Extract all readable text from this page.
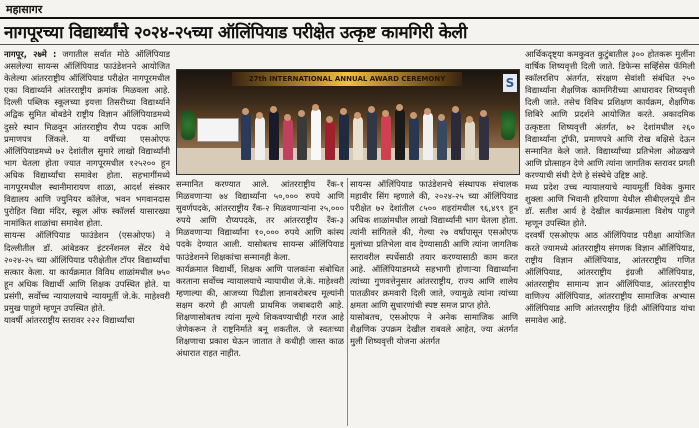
महासागर
नागपूरच्या विद्यार्थ्यांचे २०२४-२५च्या ऑलिंपियाड परीक्षेत उत्कृष्ट कामगिरी केली

नागपूर, २७मे : जगातील सर्वात मोठे ऑलिंपियाड असलेल्या सायन्स ऑलिंपियाड फाउंडेशनने आयोजित केलेल्या आंतरराष्ट्रीय ऑलिंपियाड परीक्षेत नागपूरमधील एका विद्यार्थ्याने आंतरराष्ट्रीय क्रमांक मिळवला आहे. दिल्ली पब्लिक स्कूलच्या इयत्ता तिसरीच्या विद्यार्थ्याने अद्विक सुमित बोबडेने राष्ट्रीय विज्ञान ऑलिंपियाडमध्ये दुसरे स्थान मिळवून आंतरराष्ट्रीय रौप्य पदक आणि प्रमाणपत्र जिंकले. या वर्षीच्या एसओएफ ऑलिंपियाडमध्ये ७२ देशांतील सुमारे लाखो विद्यार्थ्यांनी भाग घेतला होता ज्यात नागपूरमधील १२५२०० हून अधिक विद्यार्थ्यांचा समावेश होता. सहभागींमध्ये नागपूरमधील स्थानीमारायण शाळा, आदर्श संस्कार विद्यालय आणि ज्युनियर कॉलेज, भवन भगवानदास पुरोहित विद्या मंदिर, स्कूल ऑफ स्कॉलर्स यासारख्या नामांकित शाळांचा समावेश होता.

सायन्स ऑलिंपियाड फाउंडेशन (एसओएफ) ने दिल्लीतील डॉ. आंबेडकर इंटरनॅशनल सेंटर येथे २०२४-२५ च्या ऑलिंपियाड परीक्षेतील टॉपर विद्यार्थ्यांचा सत्कार केला. या कार्यक्रमात विविध शाळांमधील ७५० हून अधिक विद्यार्थी आणि शिक्षक उपस्थित होते. या प्रसंगी, सर्वोच्च न्यायालयाचे न्यायमूर्ती जे.के. माहेश्वरी प्रमुख पाहुणे म्हणून उपस्थित होते.

यावर्षी आंतरराष्ट्रीय स्तरावर २२२ विद्यार्थ्यांचा

27th INTERNATIONAL ANNUAL AWARD CEREMONY	S

सन्मानित करण्यात आले. आंतरराष्ट्रीय रँक-१ मिळवणाऱ्या ७४ विद्यार्थ्यांना ५०,००० रुपये आणि सुवर्णपदके, आंतरराष्ट्रीय रँक-२ मिळवणाऱ्यांना २५,००० रुपये आणि रौप्यपदके, तर आंतरराष्ट्रीय रँक-३ मिळवणाऱ्या विद्यार्थ्यांना १०,००० रुपये आणि कांस्य पदके देण्यात आली. यासोबतच सायन्स ऑलिंपियाड फाउंडेशनने शिक्षकांचा सन्मानही केला.

कार्यक्रमात विद्यार्थी, शिक्षक आणि पालकांना संबोधित करताना सर्वोच्च न्यायालयाचे न्यायाधीश जे.के. माहेश्वरी म्हणाल्या की, आजच्या पिढीला ज्ञानाबरोबरच मूल्यांनी सक्षम करणे ही आपली प्राथमिक जबाबदारी आहे. शिक्षणासोबतच त्यांना मूल्ये शिकवण्याचीही गरज आहे जेणेकरून ते राष्ट्रनिर्माते बनू शकतील. जे स्वतःच्या शिक्षणाचा प्रकाश घेऊन जातात ते कधीही जास्त काळ अंधारात राहत नाहीत.

सायन्स ऑलिंपियाड फाउंडेशनचे संस्थापक संचालक महावीर सिंग म्हणाले की, २०२४-२५ च्या ऑलिंपियाड परीक्षेत ७२ देशांतील ८५०० शहरांमधील ९६,४९९ हून अधिक शाळांमधील लाखो विद्यार्थ्यांनी भाग घेतला होता. त्यांनी सांगितले की, गेल्या २७ वर्षांपासून एसओएफ मुलांच्या प्रतिभेला वाव देण्यासाठी आणि त्यांना जागतिक स्तरावरील स्पर्धेसाठी तयार करण्यासाठी काम करत आहे. ऑलिंपियाडमध्ये सहभागी होणाऱ्या विद्यार्थ्यांना त्यांच्या गुणवत्तेनुसार आंतरराष्ट्रीय, राज्य आणि शालेय पातळीवर क्रमवारी दिली जाते, ज्यामुळे त्यांना त्यांच्या क्षमता आणि सुधारणांची स्पष्ट समज प्राप्त होते.

यासोबतच, एसओएफ ने अनेक सामाजिक आणि शैक्षणिक उपक्रम देखील राबवले आहेत, ज्या अंतर्गत मुली शिष्यवृत्ती योजना अंतर्गत

आर्थिकदृष्ट्या कमकुवत कुटुंबातील ३०० होतकरू मुलींना वार्षिक शिष्यवृत्ती दिली जाते. डिफेन्स सर्व्हिसेस फॅमिली स्कॉलरशिप अंतर्गत, संरक्षण सेवांशी संबंधित २५० विद्यार्थ्यांना शैक्षणिक कामगिरीच्या आधारावर शिष्यवृत्ती दिली जाते. तसेच विविध प्रशिक्षण कार्यक्रम, शैक्षणिक शिबिरे आणि प्रदर्शने आयोजित करते. अकादमिक उत्कृष्टता शिष्यवृत्ती अंतर्गत, ७२ देशांमधील २६० विद्यार्थ्यांना ट्रॉफी, प्रमाणपत्रे आणि रोख बक्षिसे देऊन सन्मानित केले जाते. विद्यार्थ्यांच्या प्रतिभेला ओळखणे आणि प्रोत्साहन देणे आणि त्यांना जागतिक स्तरावर प्रगती करण्याची संधी देणे हे संस्थेचे उद्दिष्ट आहे.

मध्य प्रदेश उच्च न्यायालयाचे न्यायमूर्ती विवेक कुमार शुक्ला आणि भिवानी हरियाणा येथील सीबीएलयूचे डीन डॉ. सतीश आर्य हे देखील कार्यक्रमाला विशेष पाहुणे म्हणून उपस्थित होते.

दरवर्षी एसओएफ आठ ऑलिंपियाड परीक्षा आयोजित करते ज्यामध्ये आंतरराष्ट्रीय संगणक विज्ञान ऑलिंपियाड, राष्ट्रीय विज्ञान ऑलिंपियाड, आंतरराष्ट्रीय गणित ऑलिंपियाड, आंतरराष्ट्रीय इंग्रजी ऑलिंपियाड, आंतरराष्ट्रीय सामान्य ज्ञान ऑलिंपियाड, आंतरराष्ट्रीय वाणिज्य ऑलिंपियाड, आंतरराष्ट्रीय सामाजिक अभ्यास ऑलिंपियाड आणि आंतरराष्ट्रीय हिंदी ऑलिंपियाड यांचा समावेश आहे.
